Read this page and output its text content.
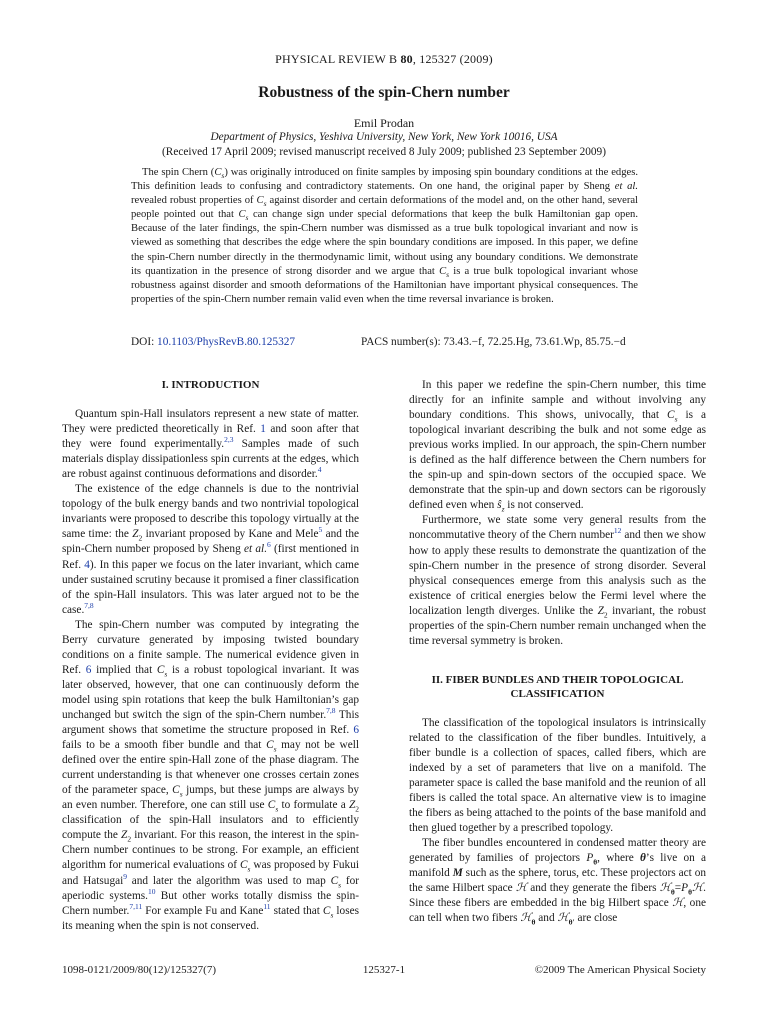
PHYSICAL REVIEW B 80, 125327 (2009)
Robustness of the spin-Chern number
Emil Prodan
Department of Physics, Yeshiva University, New York, New York 10016, USA
(Received 17 April 2009; revised manuscript received 8 July 2009; published 23 September 2009)

The spin Chern $(C_s)$ was originally introduced on finite samples by imposing spin boundary conditions at the edges. This definition leads to confusing and contradictory statements. On one hand, the original paper by Sheng et al. revealed robust properties of $C_s$ against disorder and certain deformations of the model and, on the other hand, several people pointed out that $C_s$ can change sign under special deformations that keep the bulk Hamiltonian gap open. Because of the later findings, the spin-Chern number was dismissed as a true bulk topological invariant and now is viewed as something that describes the edge where the spin boundary conditions are imposed. In this paper, we define the spin-Chern number directly in the thermodynamic limit, without using any boundary conditions. We demonstrate its quantization in the presence of strong disorder and we argue that $C_s$ is a true bulk topological invariant whose robustness against disorder and smooth deformations of the Hamiltonian have important physical consequences. The properties of the spin-Chern number remain valid even when the time reversal invariance is broken.

DOI: 10.1103/PhysRevB.80.125327	PACS number(s): 73.43.−f, 72.25.Hg, 73.61.Wp, 85.75.−d
I. INTRODUCTION

Quantum spin-Hall insulators represent a new state of matter. They were predicted theoretically in Ref. 1 and soon after that they were found experimentally.$^{2,3}$ Samples made of such materials display dissipationless spin currents at the edges, which are robust against continuous deformations and disorder.$^4$

The existence of the edge channels is due to the nontrivial topology of the bulk energy bands and two nontrivial topological invariants were proposed to describe this topology virtually at the same time: the $Z_2$ invariant proposed by Kane and Mele$^5$ and the spin-Chern number proposed by Sheng et al.$^6$ (first mentioned in Ref. 4). In this paper we focus on the later invariant, which came under sustained scrutiny because it promised a finer classification of the spin-Hall insulators. This was later argued not to be the case.$^{7,8}$

The spin-Chern number was computed by integrating the Berry curvature generated by imposing twisted boundary conditions on a finite sample. The numerical evidence given in Ref. 6 implied that $C_s$ is a robust topological invariant. It was later observed, however, that one can continuously deform the model using spin rotations that keep the bulk Hamiltonian’s gap unchanged but switch the sign of the spin-Chern number.$^{7,8}$ This argument shows that sometime the structure proposed in Ref. 6 fails to be a smooth fiber bundle and that $C_s$ may not be well defined over the entire spin-Hall zone of the phase diagram. The current understanding is that whenever one crosses certain zones of the parameter space, $C_s$ jumps, but these jumps are always by an even number. Therefore, one can still use $C_s$ to formulate a $Z_2$ classification of the spin-Hall insulators and to efficiently compute the $Z_2$ invariant. For this reason, the interest in the spin-Chern number continues to be strong. For example, an efficient algorithm for numerical evaluations of $C_s$ was proposed by Fukui and Hatsugai$^9$ and later the algorithm was used to map $C_s$ for aperiodic systems.$^{10}$ But other works totally dismiss the spin-Chern number.$^{7,11}$ For example Fu and Kane$^{11}$ stated that $C_s$ loses its meaning when the spin is not conserved.

In this paper we redefine the spin-Chern number, this time directly for an infinite sample and without involving any boundary conditions. This shows, univocally, that $C_s$ is a topological invariant describing the bulk and not some edge as previous works implied. In our approach, the spin-Chern number is defined as the half difference between the Chern numbers for the spin-up and spin-down sectors of the occupied space. We demonstrate that the spin-up and down sectors can be rigorously defined even when $ŝ_z$ is not conserved.

Furthermore, we state some very general results from the noncommutative theory of the Chern number$^{12}$ and then we show how to apply these results to demonstrate the quantization of the spin-Chern number in the presence of strong disorder. Several physical consequences emerge from this analysis such as the existence of critical energies below the Fermi level where the localization length diverges. Unlike the $Z_2$ invariant, the robust properties of the spin-Chern number remain unchanged when the time reversal symmetry is broken.

II. FIBER BUNDLES AND THEIR TOPOLOGICAL
CLASSIFICATION

The classification of the topological insulators is intrinsically related to the classification of the fiber bundles. Intuitively, a fiber bundle is a collection of spaces, called fibers, which are indexed by a set of parameters that live on a manifold. The parameter space is called the base manifold and the reunion of all fibers is called the total space. An alternative view is to imagine the fibers as being attached to the points of the base manifold and then glued together by a prescribed topology.

The fiber bundles encountered in condensed matter theory are generated by families of projectors $P_\theta$, where θ’s live on a manifold M such as the sphere, torus, etc. These projectors act on the same Hilbert space ℋ and they generate the fibers $ℋ_\theta=P_\theta ℋ$. Since these fibers are embedded in the big Hilbert space ℋ, one can tell when two fibers ℋ$_\theta$ and ℋ$_{\theta'}$ are close

1098-0121/2009/80(12)/125327(7)	125327-1	©2009 The American Physical Society
